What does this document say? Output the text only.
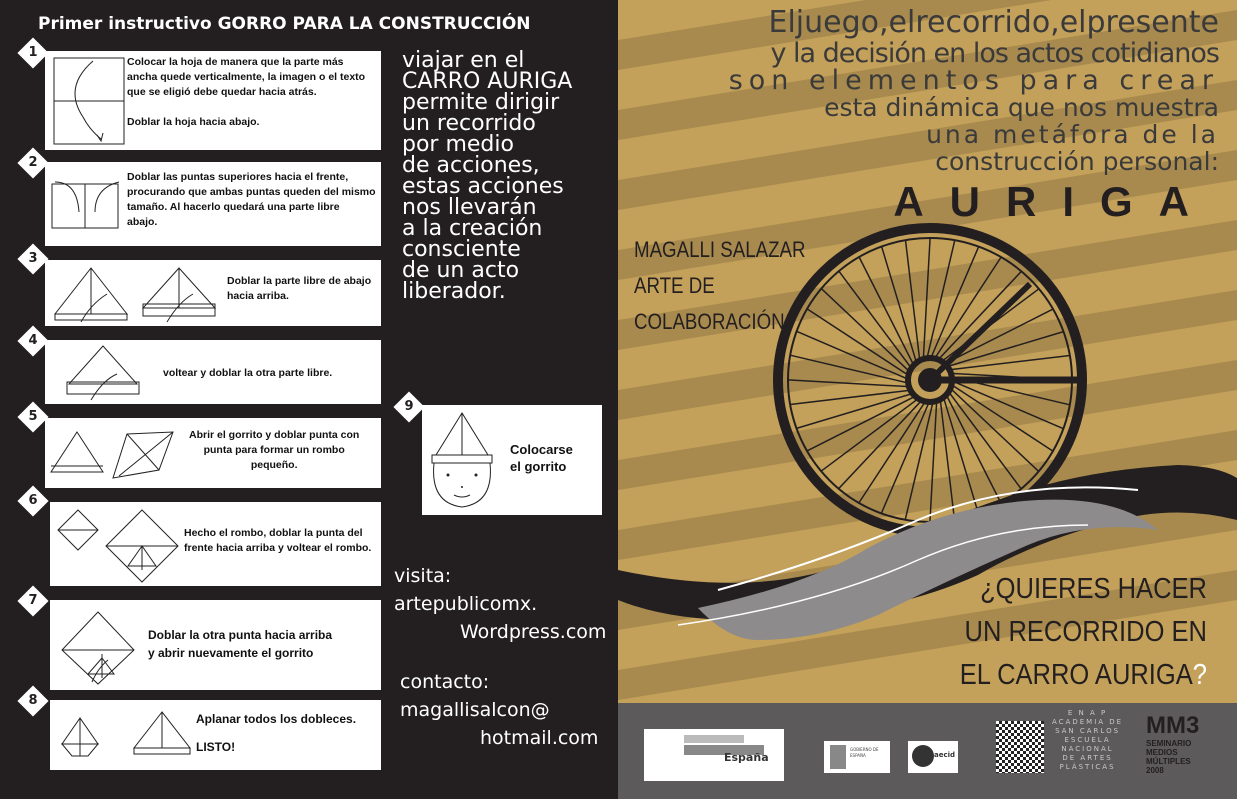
Primer instructivo GORRO PARA LA CONSTRUCCIÓN
1

Colocar la hoja de manera que la parte más

ancha quede verticalmente, la imagen o el texto

que se eligió debe quedar hacia atrás.

Doblar la hoja hacia abajo.

2

Doblar las puntas superiores hacia el frente,

procurando que ambas puntas queden del mismo

tamaño. Al hacerlo quedará una parte libre

abajo.

3

Doblar la parte libre de abajo

hacia arriba.

4

voltear y doblar la otra parte libre.

5

Abrir el gorrito y doblar punta con

punta para formar un rombo

pequeño.

6

Hecho el rombo, doblar la punta del

frente hacia arriba y voltear el rombo.

7

Doblar la otra punta hacia arriba

y abrir nuevamente el gorrito

8

Aplanar todos los dobleces.

LISTO!

viajar en el
CARRO AURIGA
permite dirigir
un recorrido
por medio
de acciones,
estas acciones
nos llevarán
a la creación
consciente
de un acto
liberador.
9

Colocarse

el gorrito

visita:
artepublicomx.
Wordpress.com
contacto:
magallisalcon@
hotmail.com
Eljuego,elrecorrido,elpresente
y la decisión en los actos cotidianos
son elementos para crear
esta dinámica que nos muestra
una metáfora de la
construcción personal:
AURIGA
MAGALLI SALAZAR
ARTE DE
COLABORACIÓN
¿QUIERES HACER
UN RECORRIDO EN
EL CARRO AURIGA?
España
GOBIERNO DE ESPAÑA	aecid
E N A P
ACADEMIA DE
SAN CARLOS
ESCUELA
NACIONAL
DE ARTES
PLÁSTICAS
MM3
SEMINARIO
MEDIOS
MÚLTIPLES
2008
